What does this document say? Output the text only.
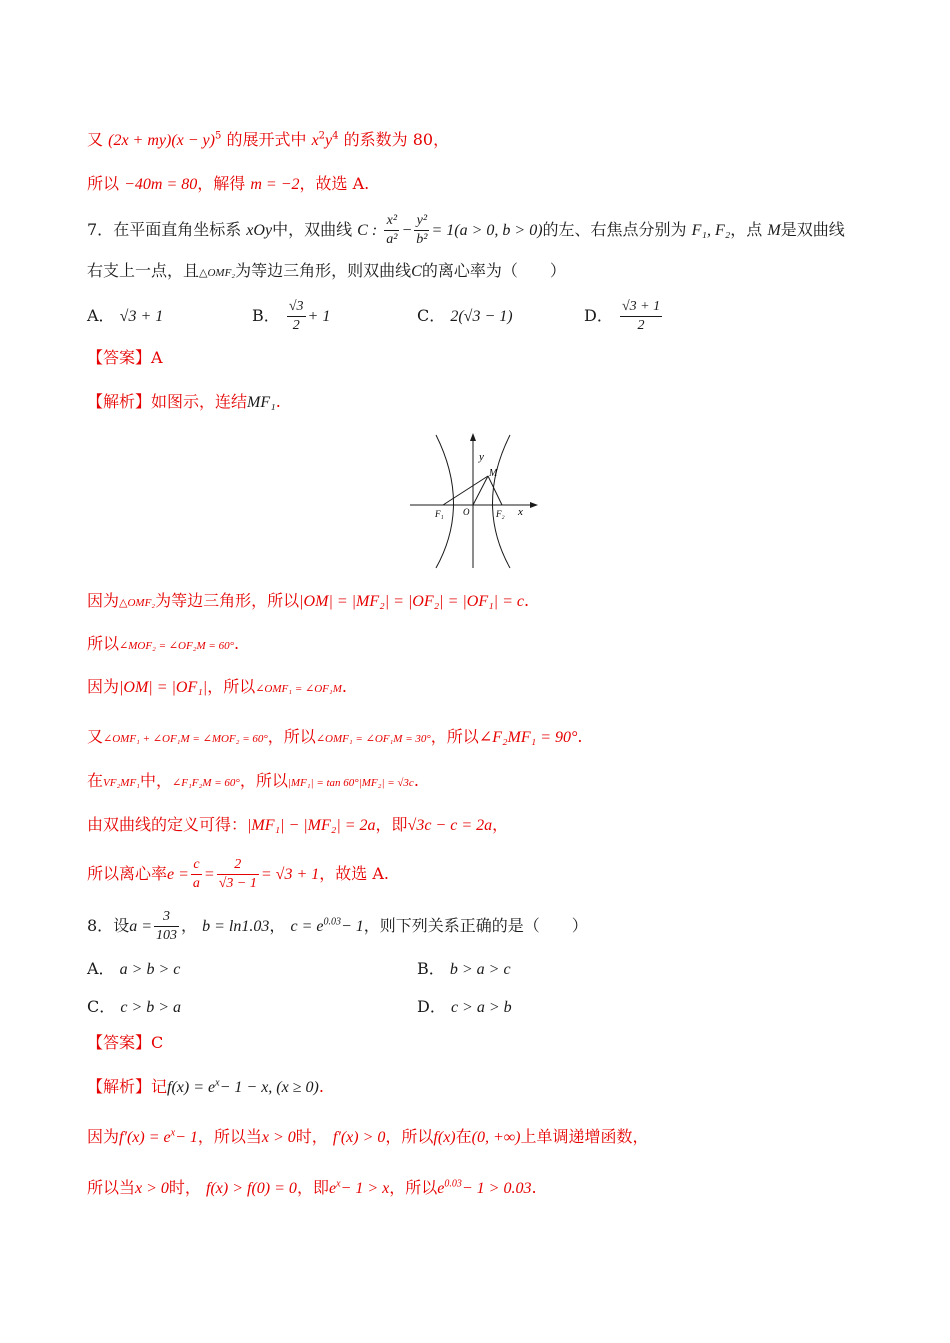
又 $(2x + my)(x - y)^5$ 的展开式中 $x^2y^4$ 的系数为 80，
所以 −40m = 80，解得 m = −2，故选 A.
7．在平面直角坐标系 xOy中，双曲线 C : $\frac{\text{x²}}{\text{a²}} - \frac{\text{y²}}{\text{b²}} = 1(a > 0$, b > 0)的左、右焦点分别为 F₁, F₂，点 M是双曲线
右支上一点，且△OMF₂为等边三角形，则双曲线C的离心率为（　　）
A． √3 + 1	B． $\frac{√3}{2} + 1$	C． 2(√3 − 1)	D． $\frac{√3 + 1}{2}$
【答案】A
【解析】如图示，连结MF₁.
y
x
M
F₁ O	F₂
因为△OMF₂为等边三角形，所以|OM| = |MF₂| = |OF₂| = |OF₁| = c.
所以∠MOF₂ = ∠OF₂M = 60°.
因为|OM| = |OF₁|，所以∠OMF₁ = ∠OF₁M.
又∠OMF₁ + ∠OF₁M = ∠MOF₂ = 60°，所以∠OMF₁ = ∠OF₁M = 30°，所以∠F₂MF₁ = 90°.
在VF₂MF₁中，∠F₁F₂M = 60°，所以|MF₁| = tan 60°|MF₂| = √3c.
由双曲线的定义可得：|MF₁| − |MF₂| = 2a，即√3c − c = 2a，
所以离心率$e = \frac{c}{a} = \frac{2}{√3 - 1} = √3 + 1$，故选 A.
8．设$a = \frac{3}{103}$ ， b = ln1.03， $c = e^{0.03}- 1$，则下列关系正确的是（　　）
A． a > b > c	B． b > a > c
C． c > b > a	D． c > a > b
【答案】C
【解析】记$f(x) = e^x- 1 - x$, (x ≥ 0).
因为$f'(x) = e^x- 1$，所以当x > 0时， f′(x) > 0，所以f(x)在(0, +∞)上单调递增函数，
所以当x > 0时， f(x) > f(0) = 0，即$e^x- 1 > x$，所以$e^{0.03}- 1 > 0.03$.
